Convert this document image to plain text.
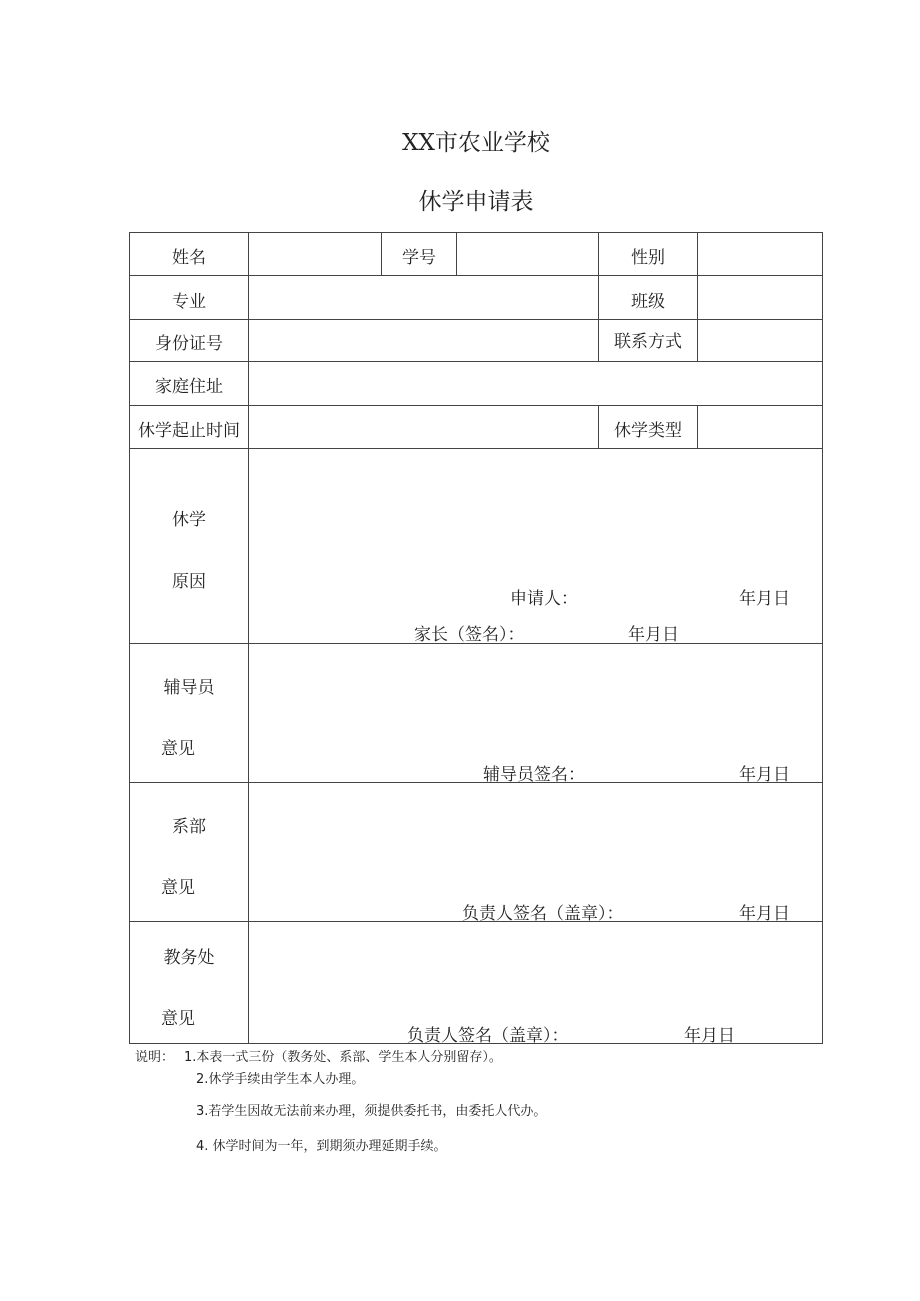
XX市农业学校
休学申请表
姓名	学号	性别
专业	班级
身份证号	联系方式
家庭住址
休学起止时间	休学类型
休学
原因
申请人：	年月日
家长（签名）：	年月日
辅导员
意见
辅导员签名：	年月日
系部
意见
负责人签名（盖章）：	年月日
教务处
意见
负责人签名（盖章）：	年月日
说明： 1.本表一式三份（教务处、系部、学生本人分别留存）。
2.休学手续由学生本人办理。
3.若学生因故无法前来办理，须提供委托书，由委托人代办。
4. 休学时间为一年，到期须办理延期手续。
